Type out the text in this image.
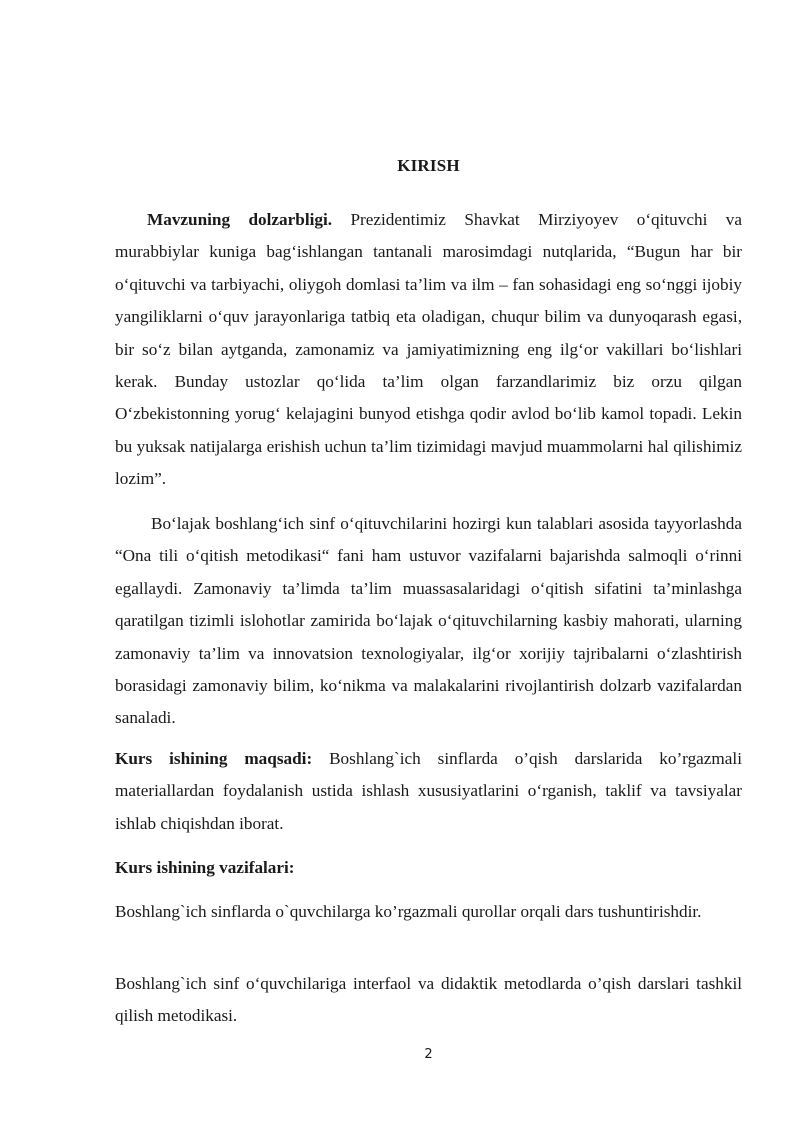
KIRISH

Mavzuning dolzarbligi. Prezidentimiz Shavkat Mirziyoyev oʻqituvchi va murabbiylar kuniga bagʻishlangan tantanali marosimdagi nutqlarida, “Bugun har bir oʻqituvchi va tarbiyachi, oliygoh domlasi ta’lim va ilm – fan sohasidagi eng soʻnggi ijobiy yangiliklarni oʻquv jarayonlariga tatbiq eta oladigan, chuqur bilim va dunyoqarash egasi, bir soʻz bilan aytganda, zamonamiz va jamiyatimizning eng ilgʻor vakillari boʻlishlari kerak. Bunday ustozlar qoʻlida ta’lim olgan farzandlarimiz biz orzu qilgan Oʻzbekistonning yorugʻ kelajagini bunyod etishga qodir avlod boʻlib kamol topadi. Lekin bu yuksak natijalarga erishish uchun ta’lim tizimidagi mavjud muammolarni hal qilishimiz lozim”.

Boʻlajak boshlangʻich sinf oʻqituvchilarini hozirgi kun talablari asosida tayyorlashda “Ona tili oʻqitish metodikasi“ fani ham ustuvor vazifalarni bajarishda salmoqli oʻrinni egallaydi. Zamonaviy ta’limda ta’lim muassasalaridagi oʻqitish sifatini ta’minlashga qaratilgan tizimli islohotlar zamirida boʻlajak oʻqituvchilarning kasbiy mahorati, ularning zamonaviy ta’lim va innovatsion texnologiyalar, ilgʻor xorijiy tajribalarni oʻzlashtirish borasidagi zamonaviy bilim, koʻnikma va malakalarini rivojlantirish dolzarb vazifalardan sanaladi.

Kurs ishining maqsadi: Boshlang`ich sinflarda o’qish darslarida ko’rgazmali materiallardan foydalanish ustida ishlash xususiyatlarini oʻrganish, taklif va tavsiyalar ishlab chiqishdan iborat.

Kurs ishining vazifalari:

Boshlang`ich sinflarda o`quvchilarga ko’rgazmali qurollar orqali dars tushuntirishdir.

Boshlang`ich sinf oʻquvchilariga interfaol va didaktik metodlarda o’qish darslari tashkil qilish metodikasi.

2
